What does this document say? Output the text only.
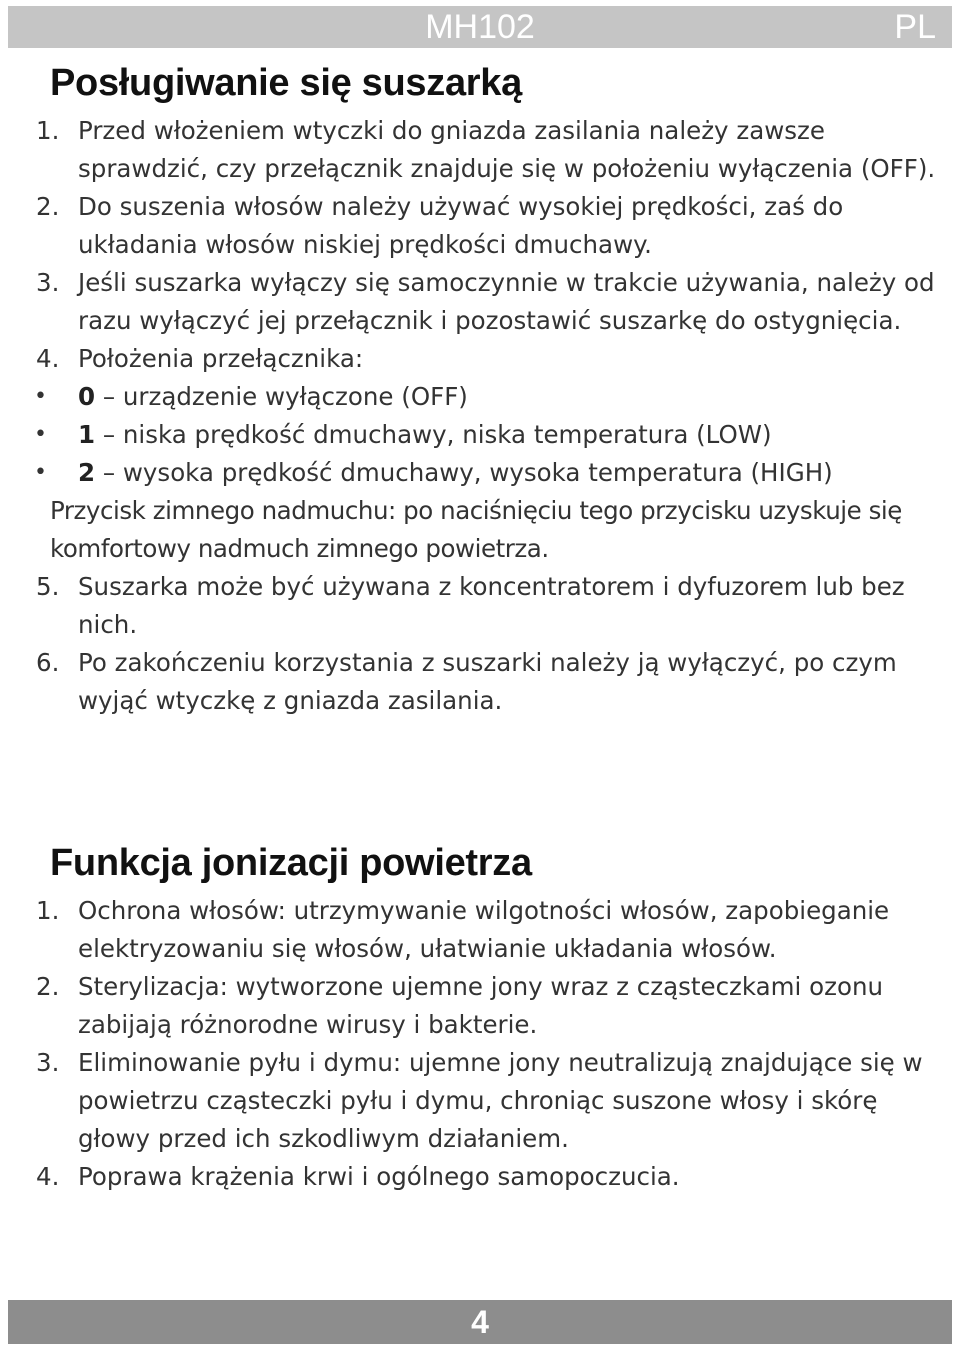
MH102	PL
Posługiwanie się suszarką
1. Przed włożeniem wtyczki do gniazda zasilania należy zawsze sprawdzić, czy przełącznik znajduje się w położeniu wyłączenia (OFF).
2. Do suszenia włosów należy używać wysokiej prędkości, zaś do układania włosów niskiej prędkości dmuchawy.
3. Jeśli suszarka wyłączy się samoczynnie w trakcie używania, należy od razu wyłączyć jej przełącznik i pozostawić suszarkę do ostygnięcia.
4. Położenia przełącznika:
• 0 – urządzenie wyłączone (OFF)
• 1 – niska prędkość dmuchawy, niska temperatura (LOW)
• 2 – wysoka prędkość dmuchawy, wysoka temperatura (HIGH)
Przycisk zimnego nadmuchu: po naciśnięciu tego przycisku uzyskuje się komfortowy nadmuch zimnego powietrza.
5. Suszarka może być używana z koncentratorem i dyfuzorem lub bez nich.
6. Po zakończeniu korzystania z suszarki należy ją wyłączyć, po czym wyjąć wtyczkę z gniazda zasilania.
Funkcja jonizacji powietrza
1. Ochrona włosów: utrzymywanie wilgotności włosów, zapobieganie elektryzowaniu się włosów, ułatwianie układania włosów.
2. Sterylizacja: wytworzone ujemne jony wraz z cząsteczkami ozonu zabijają różnorodne wirusy i bakterie.
3. Eliminowanie pyłu i dymu: ujemne jony neutralizują znajdujące się w powietrzu cząsteczki pyłu i dymu, chroniąc suszone włosy i skórę głowy przed ich szkodliwym działaniem.
4. Poprawa krążenia krwi i ogólnego samopoczucia.
4
